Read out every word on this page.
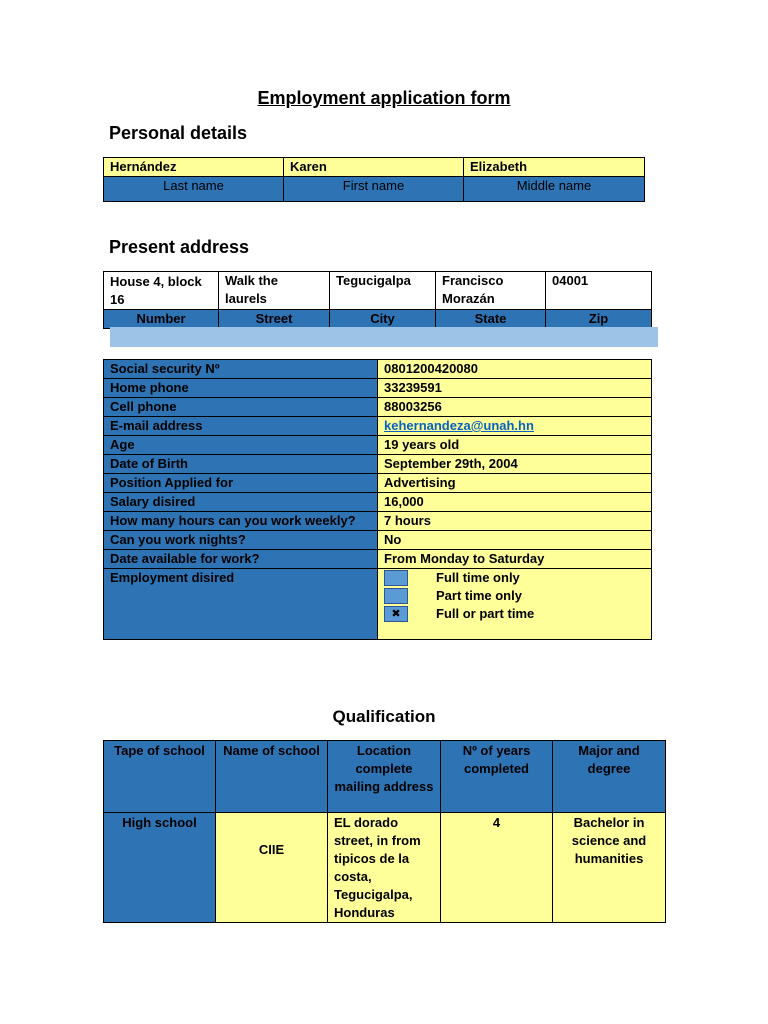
Employment application form
Personal details
Hernández	Karen	Elizabeth
Last name	First name	Middle name
Present address
House 4, block 16	Walk the laurels	Tegucigalpa	Francisco Morazán	04001
Number	Street	City	State	Zip
Social security Nº	0801200420080
Home phone	33239591
Cell phone	88003256
E-mail address	kehernandeza@unah.hn
Age	19 years old
Date of Birth	September 29th, 2004
Position Applied for	Advertising
Salary disired	16,000
How many hours can you work weekly?	7 hours
Can you work nights?	No
Date available for work?	From Monday to Saturday
Employment disired	Full time only
Part time only
✖ Full or part time
Qualification
Tape of school	Name of school	Location complete mailing address	Nº of years completed	Major and degree
High school	CIIE	EL dorado street, in from tipicos de la costa, Tegucigalpa, Honduras	4	Bachelor in science and humanities
